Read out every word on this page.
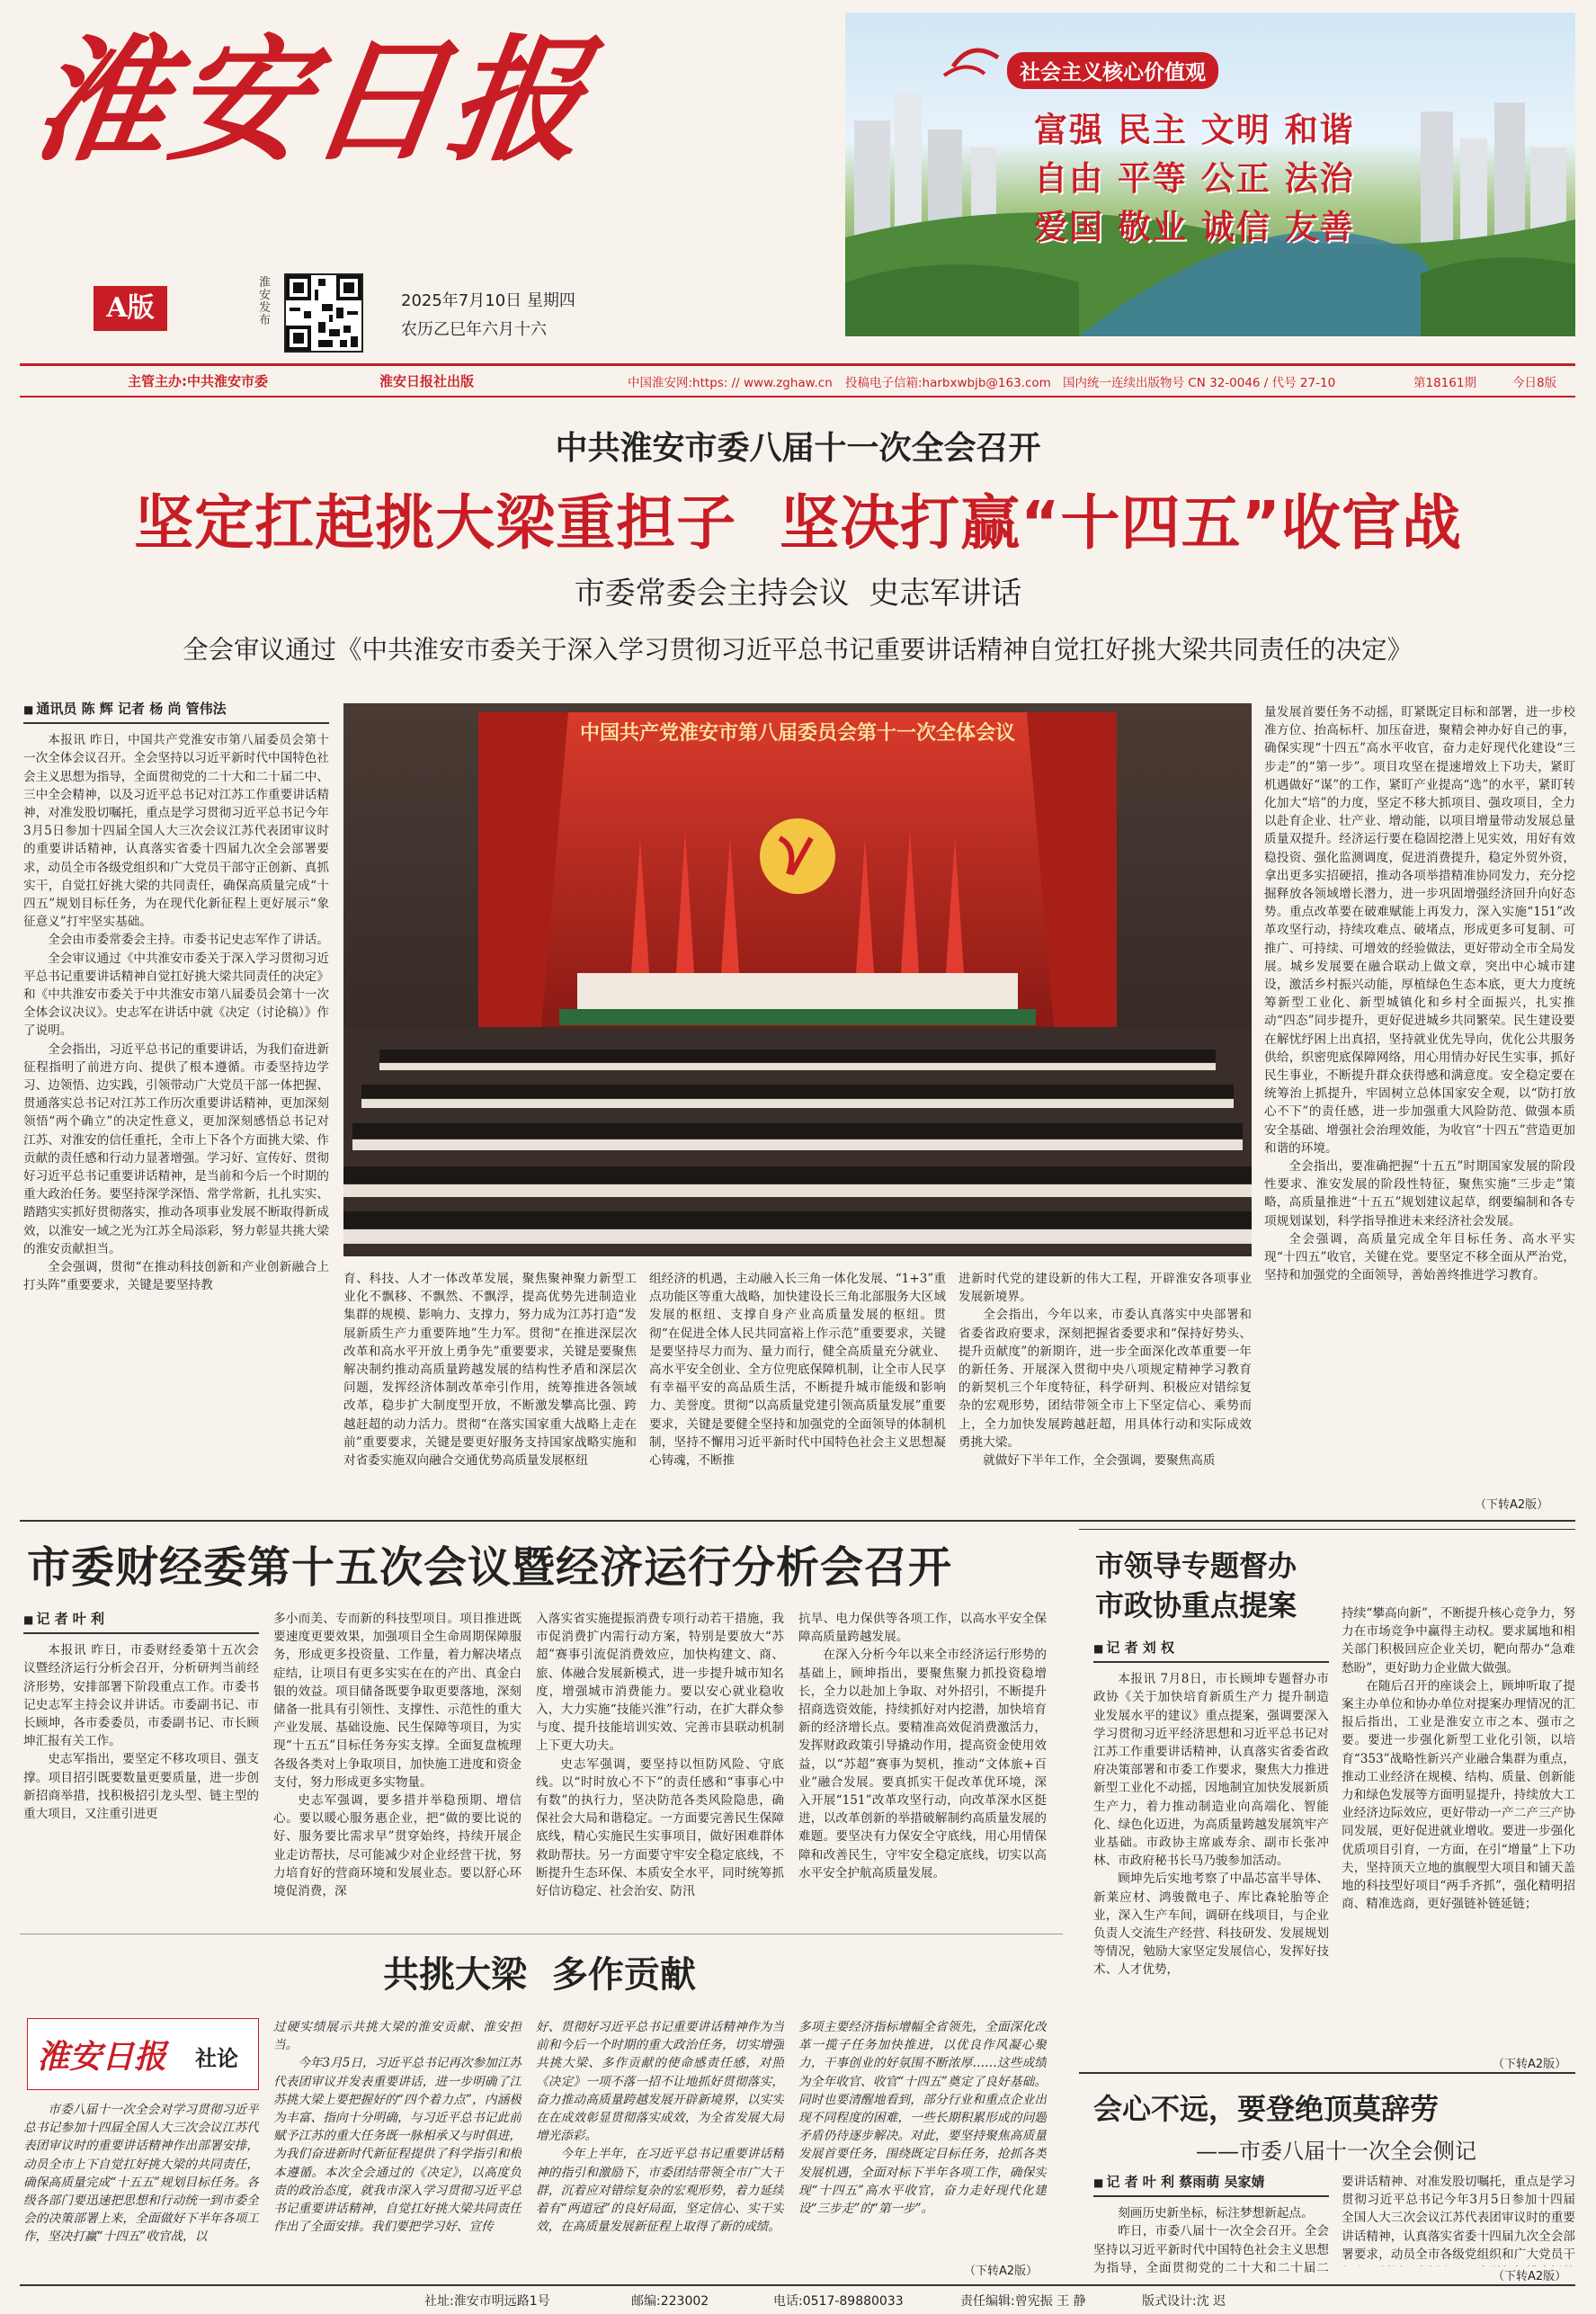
淮安日报
A版
淮安发布
2025年7月10日 星期四
农历乙巳年六月十六
社会主义核心价值观
富强 民主 文明 和谐
自由 平等 公正 法治
爱国 敬业 诚信 友善
主管主办:中共淮安市委	淮安日报社出版	中国淮安网:https: // www.zghaw.cn 投稿电子信箱:harbxwbjb@163.com 国内统一连续出版物号 CN 32-0046 / 代号 27-10	第18161期	今日8版
中共淮安市委八届十一次全会召开
坚定扛起挑大梁重担子  坚决打赢“十四五”收官战
市委常委会主持会议  史志军讲话
全会审议通过《中共淮安市委关于深入学习贯彻习近平总书记重要讲话精神自觉扛好挑大梁共同责任的决定》
■ 通讯员 陈 辉 记者 杨 尚 管伟法

本报讯 昨日，中国共产党淮安市第八届委员会第十一次全体会议召开。全会坚持以习近平新时代中国特色社会主义思想为指导，全面贯彻党的二十大和二十届二中、三中全会精神，以及习近平总书记对江苏工作重要讲话精神，对准发股切嘱托，重点是学习贯彻习近平总书记今年3月5日参加十四届全国人大三次会议江苏代表团审议时的重要讲话精神，认真落实省委十四届九次全会部署要求，动员全市各级党组织和广大党员干部守正创新、真抓实干，自觉扛好挑大梁的共同责任，确保高质量完成“十四五”规划目标任务，为在现代化新征程上更好展示“象征意义”打牢坚实基础。

全会由市委常委会主持。市委书记史志军作了讲话。

全会审议通过《中共淮安市委关于深入学习贯彻习近平总书记重要讲话精神自觉扛好挑大梁共同责任的决定》和《中共淮安市委关于中共淮安市第八届委员会第十一次全体会议决议》。史志军在讲话中就《决定（讨论稿）》作了说明。

全会指出，习近平总书记的重要讲话，为我们奋进新征程指明了前进方向、提供了根本遵循。市委坚持边学习、边领悟、边实践，引领带动广大党员干部一体把握、贯通落实总书记对江苏工作历次重要讲话精神，更加深刻领悟“两个确立”的决定性意义，更加深刻感悟总书记对江苏、对淮安的信任重托，全市上下各个方面挑大梁、作贡献的责任感和行动力显著增强。学习好、宣传好、贯彻好习近平总书记重要讲话精神，是当前和今后一个时期的重大政治任务。要坚持深学深悟、常学常新，扎扎实实、踏踏实实抓好贯彻落实，推动各项事业发展不断取得新成效，以淮安一域之光为江苏全局添彩，努力彰显共挑大梁的淮安贡献担当。

全会强调，贯彻“在推动科技创新和产业创新融合上打头阵”重要要求，关键是要坚持教

中国共产党淮安市第八届委员会第十一次全体会议

育、科技、人才一体改革发展，聚焦聚神聚力新型工业化不飘移、不飘然、不飘浮，提高优势先进制造业集群的规模、影响力、支撑力，努力成为江苏打造“发展新质生产力重要阵地”生力军。贯彻“在推进深层次改革和高水平开放上勇争先”重要要求，关键是要聚焦解决制约推动高质量跨越发展的结构性矛盾和深层次问题，发挥经济体制改革牵引作用，统筹推进各领域改革，稳步扩大制度型开放，不断激发攀高比强、跨越赶超的动力活力。贯彻“在落实国家重大战略上走在前”重要要求，关键是要更好服务支持国家战略实施和对省委实施双向融合交通优势高质量发展枢纽

组经济的机遇，主动融入长三角一体化发展、“1+3”重点功能区等重大战略，加快建设长三角北部服务大区域发展的枢纽、支撑自身产业高质量发展的枢纽。贯彻“在促进全体人民共同富裕上作示范”重要要求，关键是要坚持尽力而为、量力而行，健全高质量充分就业、高水平安全创业、全方位兜底保障机制，让全市人民享有幸福平安的高品质生活，不断提升城市能级和影响力、美誉度。贯彻“以高质量党建引领高质量发展”重要要求，关键是要健全坚持和加强党的全面领导的体制机制，坚持不懈用习近平新时代中国特色社会主义思想凝心铸魂，不断推

进新时代党的建设新的伟大工程，开辟淮安各项事业发展新境界。

全会指出，今年以来，市委认真落实中央部署和省委省政府要求，深刻把握省委要求和“保持好势头、提升贡献度”的新期许，进一步全面深化改革重要一年的新任务、开展深入贯彻中央八项规定精神学习教育的新契机三个年度特征，科学研判、积极应对错综复杂的宏观形势，团结带领全市上下坚定信心、乘势而上，全力加快发展跨越赶超，用具体行动和实际成效勇挑大梁。

就做好下半年工作，全会强调，要聚焦高质

量发展首要任务不动摇，盯紧既定目标和部署，进一步校准方位、抬高标杆、加压奋进，聚精会神办好自己的事，确保实现“十四五”高水平收官，奋力走好现代化建设“三步走”的“第一步”。项目攻坚在提速增效上下功夫，紧盯机遇做好“谋”的工作，紧盯产业提高“选”的水平，紧盯转化加大“培”的力度，坚定不移大抓项目、强攻项目，全力以赴育企业、壮产业、增动能，以项目增量带动发展总量质量双提升。经济运行要在稳固挖潜上见实效，用好有效稳投资、强化监测调度，促进消费提升，稳定外贸外资，拿出更多实招硬招，推动各项举措精准协同发力，充分挖掘释放各领域增长潜力，进一步巩固增强经济回升向好态势。重点改革要在破难赋能上再发力，深入实施“151”改革攻坚行动，持续攻难点、破堵点，形成更多可复制、可推广、可持续、可增效的经验做法，更好带动全市全局发展。城乡发展要在融合联动上做文章，突出中心城市建设，激活乡村振兴动能，厚植绿色生态本底，更大力度统筹新型工业化、新型城镇化和乡村全面振兴，扎实推动“四态”同步提升，更好促进城乡共同繁荣。民生建设要在解忧纾困上出真招，坚持就业优先导向，优化公共服务供给，织密兜底保障网络，用心用情办好民生实事，抓好民生事业，不断提升群众获得感和满意度。安全稳定要在统筹治上抓提升，牢固树立总体国家安全观，以“防打放心不下”的责任感，进一步加强重大风险防范、做强本质安全基础、增强社会治理效能，为收官“十四五”营造更加和谐的环境。

全会指出，要准确把握“十五五”时期国家发展的阶段性要求、淮安发展的阶段性特征，聚焦实施“三步走”策略，高质量推进“十五五”规划建议起草，纲要编制和各专项规划谋划，科学指导推进未来经济社会发展。

全会强调，高质量完成全年目标任务、高水平实现“十四五”收官，关键在党。要坚定不移全面从严治党，坚持和加强党的全面领导，善始善终推进学习教育。

（下转A2版）
市委财经委第十五次会议暨经济运行分析会召开
■ 记 者 叶 利

本报讯 昨日，市委财经委第十五次会议暨经济运行分析会召开，分析研判当前经济形势，安排部署下阶段重点工作。市委书记史志军主持会议并讲话。市委副书记、市长顾坤，各市委委员，市委副书记、市长顾坤汇报有关工作。

史志军指出，要坚定不移攻项目、强支撑。项目招引既要数量更要质量，进一步创新招商举措，找积极招引龙头型、链主型的重大项目，又注重引进更

多小而美、专而新的科技型项目。项目推进既要速度更要效果，加强项目全生命周期保障服务，形成更多投资量、工作量，着力解决堵点症结，让项目有更多实实在在的产出、真金白银的效益。项目储备既要争取更要落地，深刻储备一批具有引领性、支撑性、示范性的重大产业发展、基础设施、民生保障等项目，为实现“十五五”目标任务夯实支撑。全面复盘梳理各级各类对上争取项目，加快施工进度和资金支付，努力形成更多实物量。

史志军强调，要多措并举稳预期、增信心。要以暖心服务惠企业，把“做的要比说的好、服务要比需求早”贯穿始终，持续开展企业走访帮扶，尽可能减少对企业经营干扰，努力培育好的营商环境和发展业态。要以舒心环境促消费，深

入落实省实施提振消费专项行动若干措施，我市促消费扩内需行动方案，特别是要放大“苏超”赛事引流促消费效应，加快构建文、商、旅、体融合发展新模式，进一步提升城市知名度，增强城市消费能力。要以安心就业稳收入，大力实施“技能兴淮”行动，在扩大群众参与度、提升技能培训实效、完善市县联动机制上下更大功夫。

史志军强调，要坚持以恒防风险、守底线。以“时时放心不下”的责任感和“事事心中有数”的执行力，坚决防范各类风险隐患，确保社会大局和谐稳定。一方面要完善民生保障底线，精心实施民生实事项目，做好困难群体救助帮扶。另一方面要守牢安全稳定底线，不断提升生态环保、本质安全水平，同时统筹抓好信访稳定、社会治安、防汛

抗旱、电力保供等各项工作，以高水平安全保障高质量跨越发展。

在深入分析今年以来全市经济运行形势的基础上，顾坤指出，要聚焦聚力抓投资稳增长，全力以赴加上争取、对外招引，不断提升招商选资效能，持续抓好对内挖潜，加快培育新的经济增长点。要精准高效促消费激活力，发挥财政政策引导撬动作用，提高资金使用效益，以“苏超”赛事为契机，推动“文体旅+百业”融合发展。要真抓实干促改革优环境，深入开展“151”改革攻坚行动，向改革深水区挺进，以改革创新的举措破解制约高质量发展的难题。要坚决有力保安全守底线，用心用情保障和改善民生，守牢安全稳定底线，切实以高水平安全护航高质量发展。

市领导专题督办
市政协重点提案
■ 记 者 刘 权

本报讯 7月8日，市长顾坤专题督办市政协《关于加快培育新质生产力 提升制造业发展水平的建议》重点提案，强调要深入学习贯彻习近平经济思想和习近平总书记对江苏工作重要讲话精神，认真落实省委省政府决策部署和市委工作要求，聚焦大力推进新型工业化不动摇，因地制宜加快发展新质生产力，着力推动制造业向高端化、智能化、绿色化迈进，为高质量跨越发展筑牢产业基础。市政协主席戚寿余、副市长张冲林、市政府秘书长马乃骏参加活动。

顾坤先后实地考察了中晶芯富半导体、新莱应材、鸿骏微电子、库比森轮胎等企业，深入生产车间，调研在线项目，与企业负责人交流生产经营、科技研发、发展规划等情况，勉励大家坚定发展信心，发挥好技术、人才优势，

持续“攀高向新”，不断提升核心竞争力，努力在市场竞争中赢得主动权。要求属地和相关部门积极回应企业关切，靶向帮办“急难愁盼”，更好助力企业做大做强。

在随后召开的座谈会上，顾坤听取了提案主办单位和协办单位对提案办理情况的汇报后指出，工业是淮安立市之本、强市之要。要进一步强化新型工业化引领，以培育“353”战略性新兴产业融合集群为重点，推动工业经济在规模、结构、质量、创新能力和绿色发展等方面明显提升，持续放大工业经济边际效应，更好带动一产二产三产协同发展，更好促进就业增收。要进一步强化优质项目引育，一方面，在引“增量”上下功夫，坚持顶天立地的旗舰型大项目和铺天盖地的科技型好项目“两手齐抓”，强化精明招商、精准选商，更好强链补链延链；

（下转A2版）
共挑大梁  多作贡献
淮安日报 社论

市委八届十一次全会对学习贯彻习近平总书记参加十四届全国人大三次会议江苏代表团审议时的重要讲话精神作出部署安排，动员全市上下自觉扛好挑大梁的共同责任，确保高质量完成“十五五”规划目标任务。各级各部门要迅速把思想和行动统一到市委全会的决策部署上来，全面做好下半年各项工作，坚决打赢“十四五”收官战，以

过硬实绩展示共挑大梁的淮安贡献、淮安担当。

今年3月5日，习近平总书记再次参加江苏代表团审议并发表重要讲话，进一步明确了江苏挑大梁上要把握好的“四个着力点”，内涵极为丰富、指向十分明确，与习近平总书记此前赋予江苏的重大任务既一脉相承又与时俱进，为我们奋进新时代新征程提供了科学指引和根本遵循。本次全会通过的《决定》，以高度负责的政治态度，就我市深入学习贯彻习近平总书记重要讲话精神，自觉扛好挑大梁共同责任作出了全面安排。我们要把学习好、宣传

好、贯彻好习近平总书记重要讲话精神作为当前和今后一个时期的重大政治任务，切实增强共挑大梁、多作贡献的使命感责任感，对照《决定》一项不落一招不让地抓好贯彻落实，奋力推动高质量跨越发展开辟新境界，以实实在在成效彰显贯彻落实成效，为全省发展大局增光添彩。

今年上半年，在习近平总书记重要讲话精神的指引和激励下，市委团结带领全市广大干群，沉着应对错综复杂的宏观形势，着力延续着有“两道冠”的良好局面，坚定信心、实干实效，在高质量发展新征程上取得了新的成绩。

多项主要经济指标增幅全省领先，全面深化改革一揽子任务加快推进，以优良作风凝心聚力，干事创业的好氛围不断浓厚……这些成绩为全年收官、收官“十四五”奠定了良好基础。同时也要清醒地看到，部分行业和重点企业出现不同程度的困难，一些长期积累形成的问题矛盾仍待逐步解决。对此，要坚持聚焦高质量发展首要任务，围绕既定目标任务，抢抓各类发展机遇，全面对标下半年各项工作，确保实现“十四五”高水平收官，奋力走好现代化建设“三步走”的“第一步”。

（下转A2版）
会心不远，要登绝顶莫辞劳
——市委八届十一次全会侧记
■ 记 者 叶 利 蔡雨萌 吴家婧

刻画历史新坐标，标注梦想新起点。

昨日，市委八届十一次全会召开。全会坚持以习近平新时代中国特色社会主义思想为指导，全面贯彻党的二十大和二十届二

要讲话精神、对准发股切嘱托，重点是学习贯彻习近平总书记今年3月5日参加十四届全国人大三次会议江苏代表团审议时的重要讲话精神，认真落实省委十四届九次全会部署要求，动员全市各级党组织和广大党员干

（下转A2版）
社址:淮安市明远路1号	邮编:223002	电话:0517-89880033	责任编辑:曾宪振 王 静	版式设计:沈 迟
